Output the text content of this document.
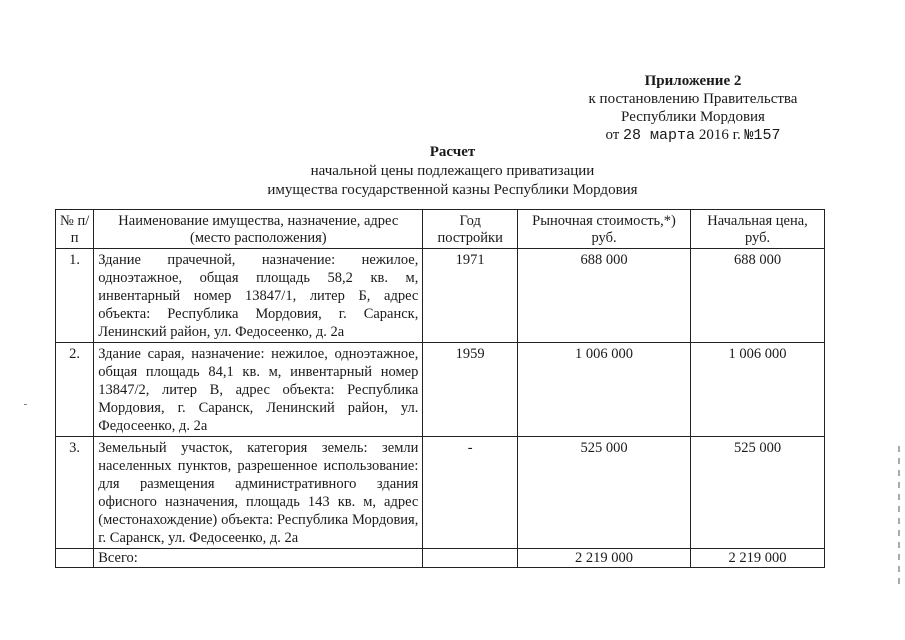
Приложение 2
к постановлению Правительства
Республики Мордовия
от 28 марта 2016 г. №157
Расчет
начальной цены подлежащего приватизации
имущества государственной казны Республики Мордовия
№ п/п	Наименование имущества, назначение, адрес (место расположения)	Год постройки	Рыночная стоимость,*) руб.	Начальная цена, руб.
1.	Здание прачечной, назначение: нежилое, одноэтажное, общая площадь 58,2 кв. м, инвентарный номер 13847/1, литер Б, адрес объекта: Республика Мордовия, г. Саранск, Ленинский район, ул. Федосеенко, д. 2а	1971	688 000	688 000
2.	Здание сарая, назначение: нежилое, одноэтажное, общая площадь 84,1 кв. м, инвентарный номер 13847/2, литер В, адрес объекта: Республика Мордовия, г. Саранск, Ленинский район, ул. Федосеенко, д. 2а	1959	1 006 000	1 006 000
3.	Земельный участок, категория земель: земли населенных пунктов, разрешенное использование: для размещения административного здания офисного назначения, площадь 143 кв. м, адрес (местонахождение) объекта: Республика Мордовия, г. Саранск, ул. Федосеенко, д. 2а	-	525 000	525 000
	Всего:		2 219 000	2 219 000
